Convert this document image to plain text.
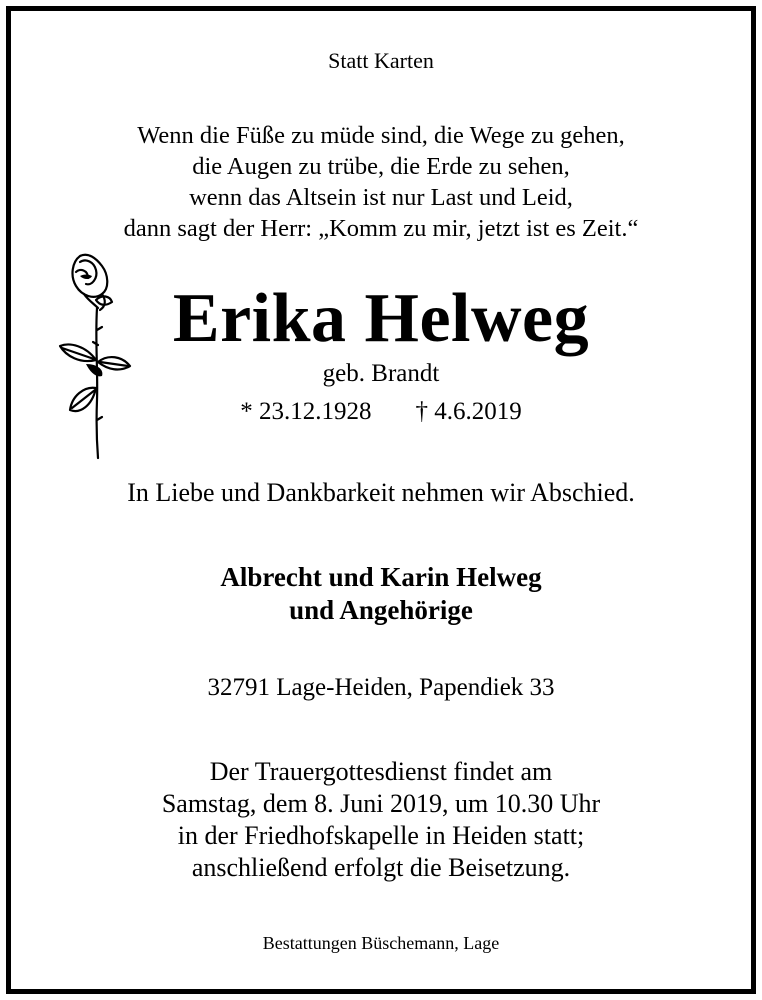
Statt Karten
Wenn die Füße zu müde sind, die Wege zu gehen,
die Augen zu trübe, die Erde zu sehen,
wenn das Altsein ist nur Last und Leid,
dann sagt der Herr: „Komm zu mir, jetzt ist es Zeit.“
Erika Helweg
geb. Brandt
* 23.12.1928 † 4.6.2019
In Liebe und Dankbarkeit nehmen wir Abschied.
Albrecht und Karin Helweg
und Angehörige
32791 Lage-Heiden, Papendiek 33
Der Trauergottesdienst findet am
Samstag, dem 8. Juni 2019, um 10.30 Uhr
in der Friedhofskapelle in Heiden statt;
anschließend erfolgt die Beisetzung.
Bestattungen Büschemann, Lage
